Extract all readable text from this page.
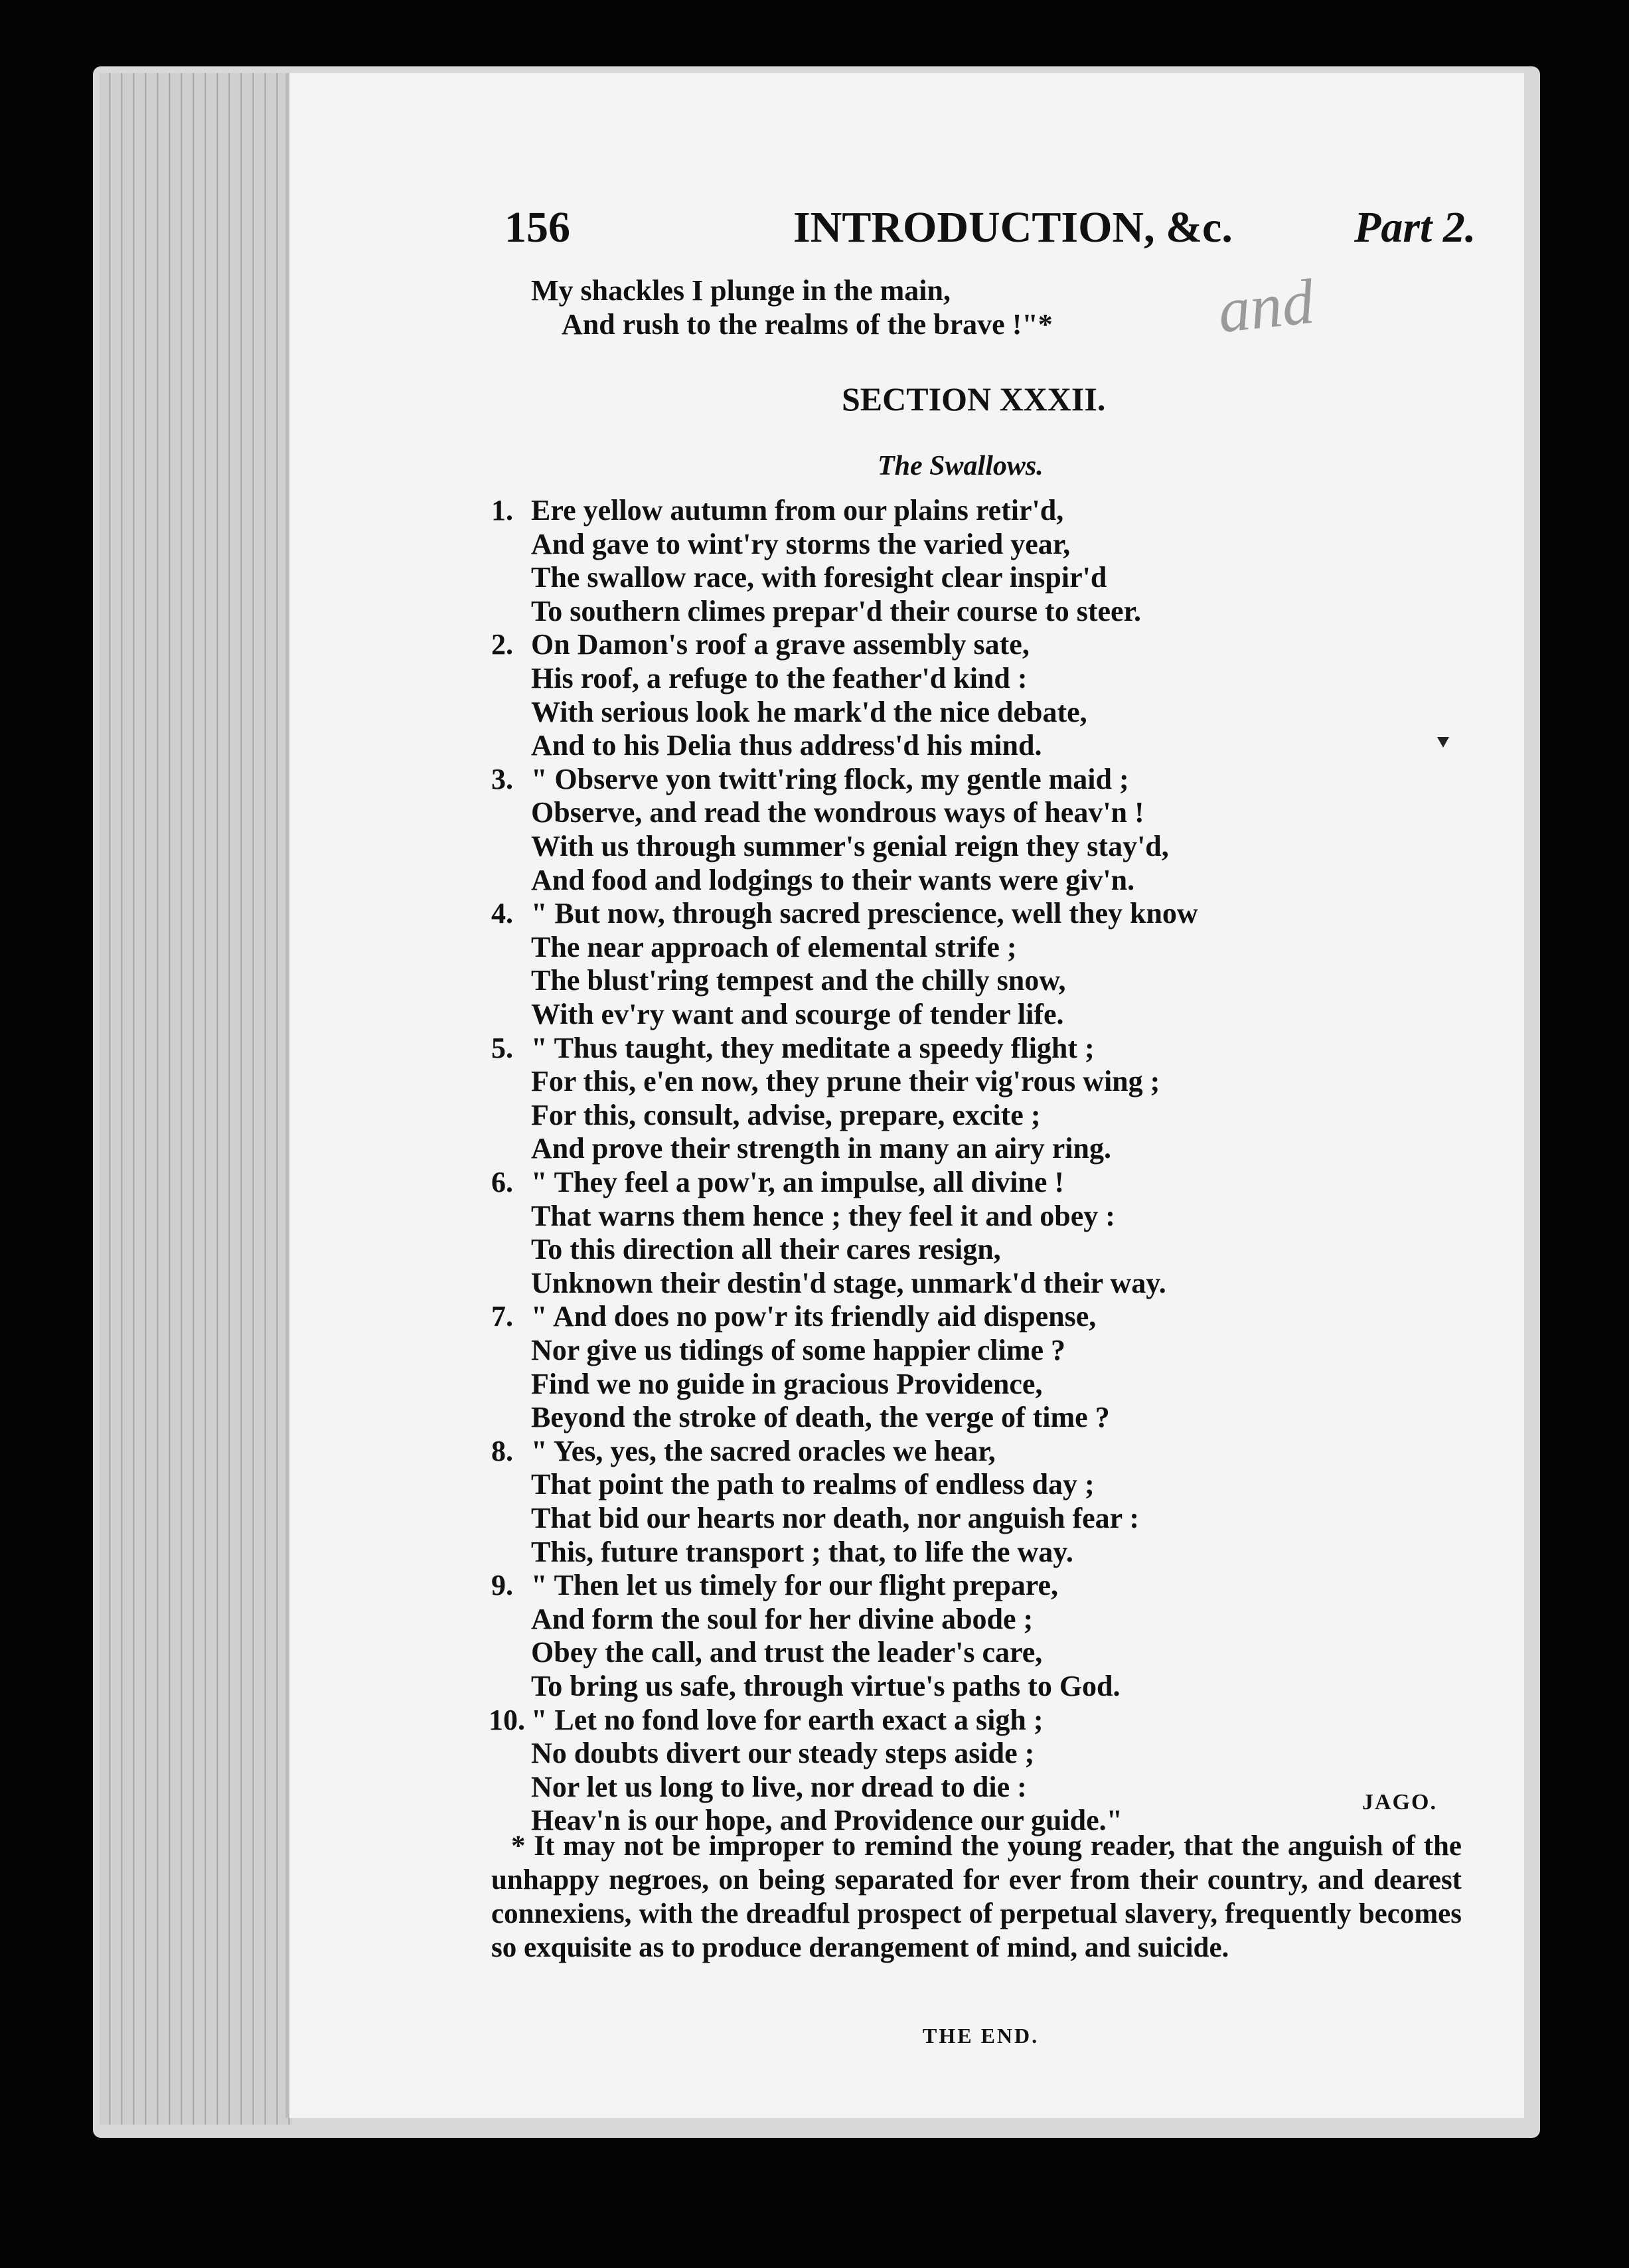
156	INTRODUCTION, &c.	Part 2.
and
My shackles I plunge in the main,
And rush to the realms of the brave !"*
SECTION XXXII.
The Swallows.
1. Ere yellow autumn from our plains retir'd,
And gave to wint'ry storms the varied year,
The swallow race, with foresight clear inspir'd
To southern climes prepar'd their course to steer.
2. On Damon's roof a grave assembly sate,
His roof, a refuge to the feather'd kind :
With serious look he mark'd the nice debate,
And to his Delia thus address'd his mind.
3. " Observe yon twitt'ring flock, my gentle maid ;
Observe, and read the wondrous ways of heav'n !
With us through summer's genial reign they stay'd,
And food and lodgings to their wants were giv'n.
4. " But now, through sacred prescience, well they know
The near approach of elemental strife ;
The blust'ring tempest and the chilly snow,
With ev'ry want and scourge of tender life.
5. " Thus taught, they meditate a speedy flight ;
For this, e'en now, they prune their vig'rous wing ;
For this, consult, advise, prepare, excite ;
And prove their strength in many an airy ring.
6. " They feel a pow'r, an impulse, all divine !
That warns them hence ; they feel it and obey :
To this direction all their cares resign,
Unknown their destin'd stage, unmark'd their way.
7. " And does no pow'r its friendly aid dispense,
Nor give us tidings of some happier clime ?
Find we no guide in gracious Providence,
Beyond the stroke of death, the verge of time ?
8. " Yes, yes, the sacred oracles we hear,
That point the path to realms of endless day ;
That bid our hearts nor death, nor anguish fear :
This, future transport ; that, to life the way.
9. " Then let us timely for our flight prepare,
And form the soul for her divine abode ;
Obey the call, and trust the leader's care,
To bring us safe, through virtue's paths to God.
10. " Let no fond love for earth exact a sigh ;
No doubts divert our steady steps aside ;
Nor let us long to live, nor dread to die :
Heav'n is our hope, and Providence our guide."
JAGO.
* It may not be improper to remind the young reader, that the anguish of the unhappy negroes, on being separated for ever from their country, and dearest connexiens, with the dreadful prospect of perpetual slavery, frequently becomes so exquisite as to produce derangement of mind, and suicide.
THE END.
